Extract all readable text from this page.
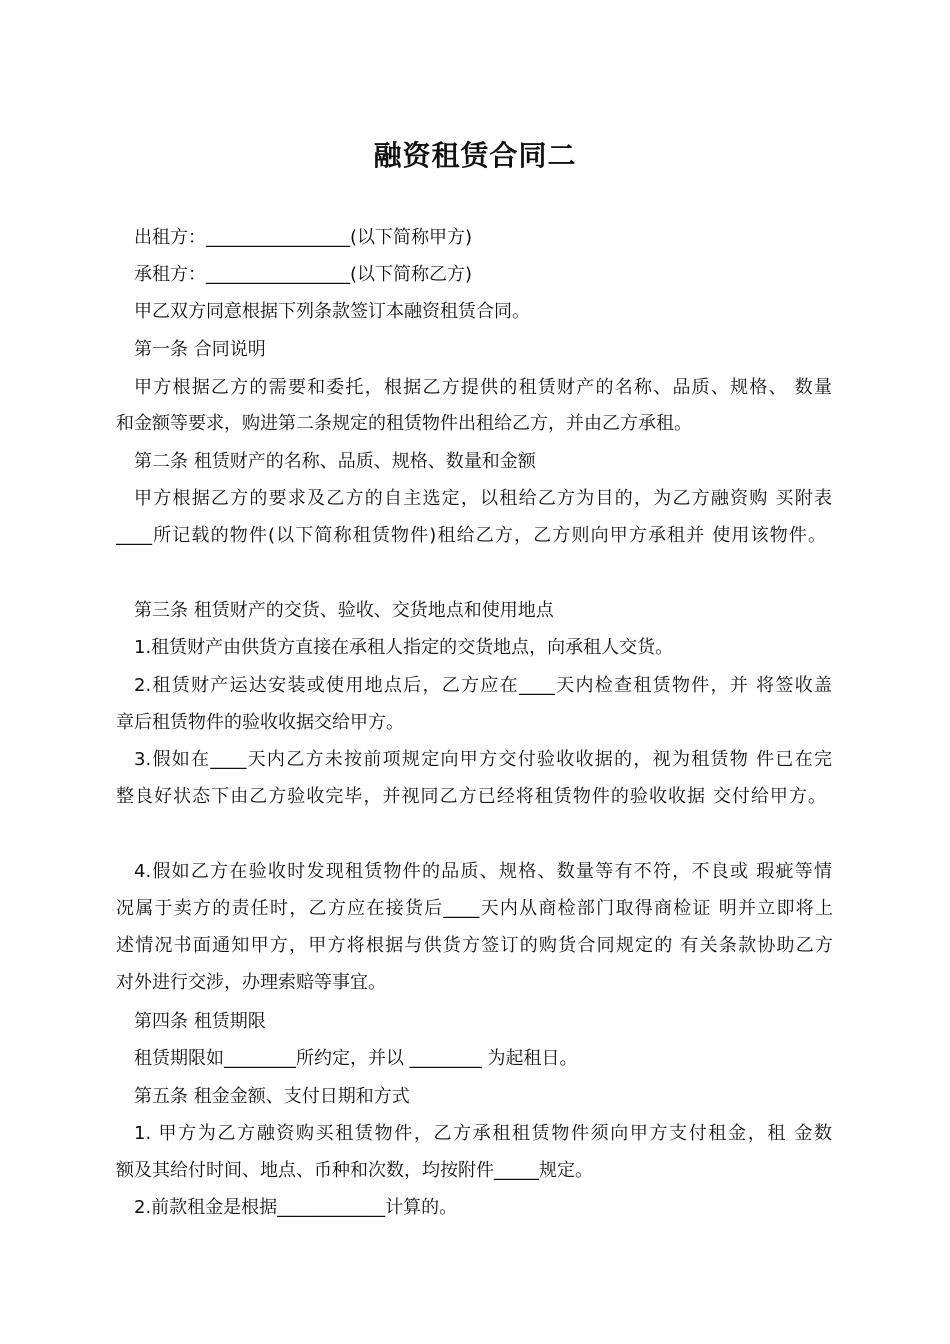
融资租赁合同二
出租方：________________(以下简称甲方)
承租方：________________(以下简称乙方)
甲乙双方同意根据下列条款签订本融资租赁合同。
第一条 合同说明
甲方根据乙方的需要和委托，根据乙方提供的租赁财产的名称、品质、规格、 数量
和金额等要求，购进第二条规定的租赁物件出租给乙方，并由乙方承租。
第二条 租赁财产的名称、品质、规格、数量和金额
甲方根据乙方的要求及乙方的自主选定，以租给乙方为目的，为乙方融资购 买附表
____所记载的物件(以下简称租赁物件)租给乙方，乙方则向甲方承租并 使用该物件。
第三条 租赁财产的交货、验收、交货地点和使用地点
1.租赁财产由供货方直接在承租人指定的交货地点，向承租人交货。
2.租赁财产运达安装或使用地点后，乙方应在____天内检查租赁物件，并 将签收盖
章后租赁物件的验收收据交给甲方。
3.假如在____天内乙方未按前项规定向甲方交付验收收据的，视为租赁物 件已在完
整良好状态下由乙方验收完毕，并视同乙方已经将租赁物件的验收收据 交付给甲方。
4.假如乙方在验收时发现租赁物件的品质、规格、数量等有不符，不良或 瑕疵等情
况属于卖方的责任时，乙方应在接货后____天内从商检部门取得商检证 明并立即将上
述情况书面通知甲方，甲方将根据与供货方签订的购货合同规定的 有关条款协助乙方
对外进行交涉，办理索赔等事宜。
第四条 租赁期限
租赁期限如________所约定，并以 ________ 为起租日。
第五条 租金金额、支付日期和方式
1. 甲方为乙方融资购买租赁物件，乙方承租租赁物件须向甲方支付租金，租 金数
额及其给付时间、地点、币种和次数，均按附件_____规定。
2.前款租金是根据____________计算的。
